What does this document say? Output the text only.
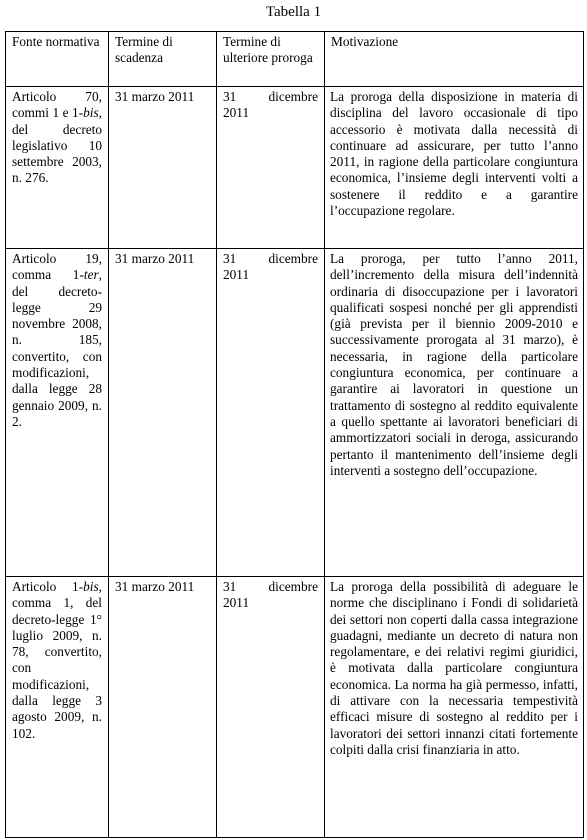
Tabella 1
Fonte normativa	Termine di scadenza	Termine di ulteriore proroga	Motivazione
Articolo 70, commi 1 e 1-bis, del decreto legislativo 10 settembre 2003, n. 276.	31 marzo 2011	31 dicembre 2011	La proroga della disposizione in materia di disciplina del lavoro occasionale di tipo accessorio è motivata dalla necessità di continuare ad assicurare, per tutto l’anno 2011, in ragione della particolare congiuntura economica, l’insieme degli interventi volti a sostenere il reddito e a garantire l’occupazione regolare.
Articolo 19, comma 1-ter, del decreto-legge 29 novembre 2008, n. 185, convertito, con modificazioni, dalla legge 28 gennaio 2009, n. 2.	31 marzo 2011	31 dicembre 2011	La proroga, per tutto l’anno 2011, dell’incremento della misura dell’indennità ordinaria di disoccupazione per i lavoratori qualificati sospesi nonché per gli apprendisti (già prevista per il biennio 2009-2010 e successivamente prorogata al 31 marzo), è necessaria, in ragione della particolare congiuntura economica, per continuare a garantire ai lavoratori in questione un trattamento di sostegno al reddito equivalente a quello spettante ai lavoratori beneficiari di ammortizzatori sociali in deroga, assicurando pertanto il mantenimento dell’insieme degli interventi a sostegno dell’occupazione.
Articolo 1-bis, comma 1, del decreto-legge 1° luglio 2009, n. 78, convertito, con modificazioni, dalla legge 3 agosto 2009, n. 102.	31 marzo 2011	31 dicembre 2011	La proroga della possibilità di adeguare le norme che disciplinano i Fondi di solidarietà dei settori non coperti dalla cassa integrazione guadagni, mediante un decreto di natura non regolamentare, e dei relativi regimi giuridici, è motivata dalla particolare congiuntura economica. La norma ha già permesso, infatti, di attivare con la necessaria tempestività efficaci misure di sostegno al reddito per i lavoratori dei settori innanzi citati fortemente colpiti dalla crisi finanziaria in atto.
